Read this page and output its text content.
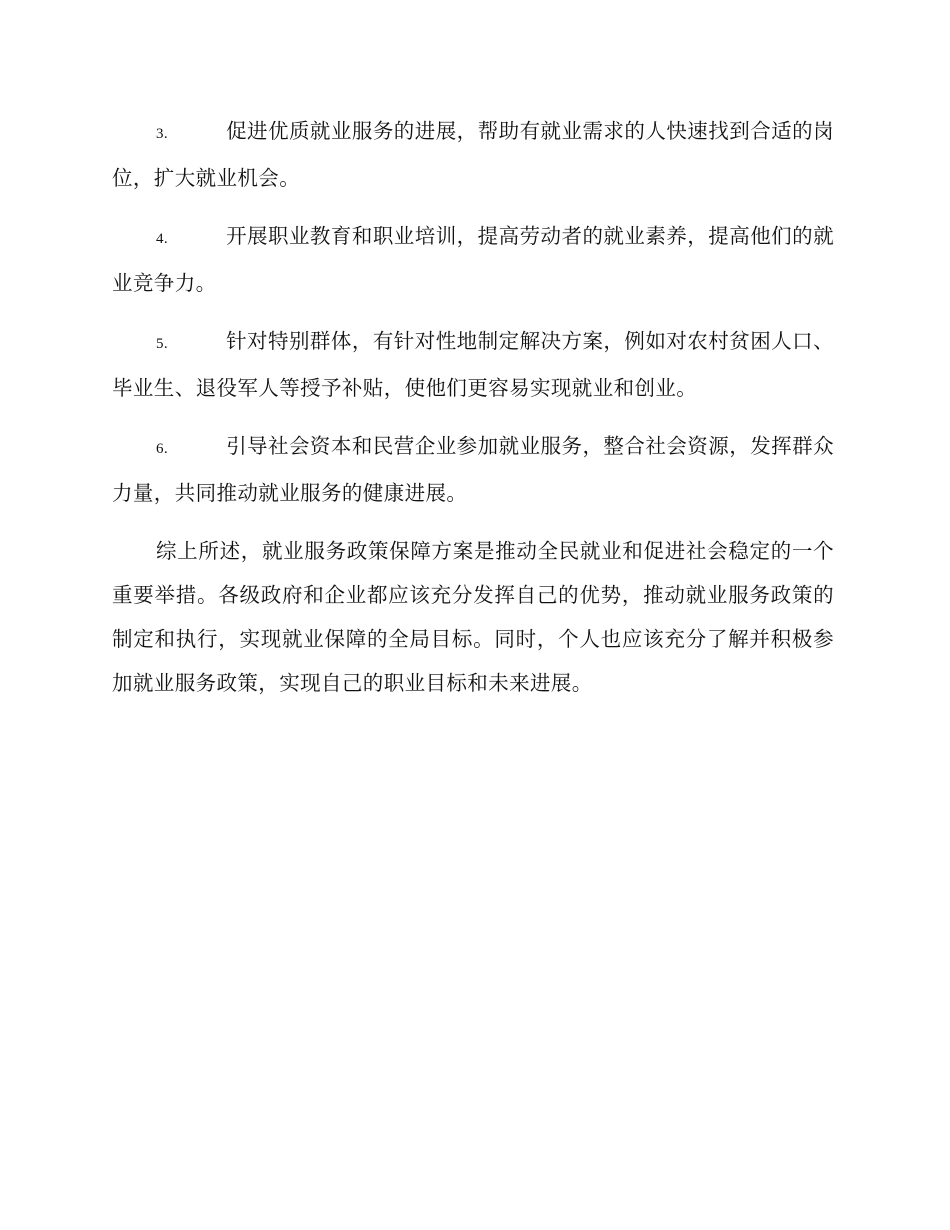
3.	促进优质就业服务的进展，帮助有就业需求的人快速找到合适的岗位，扩大就业机会。

4.	开展职业教育和职业培训，提高劳动者的就业素养，提高他们的就业竞争力。

5.	针对特别群体，有针对性地制定解决方案，例如对农村贫困人口、毕业生、退役军人等授予补贴，使他们更容易实现就业和创业。

6.	引导社会资本和民营企业参加就业服务，整合社会资源，发挥群众力量，共同推动就业服务的健康进展。

综上所述，就业服务政策保障方案是推动全民就业和促进社会稳定的一个重要举措。各级政府和企业都应该充分发挥自己的优势，推动就业服务政策的制定和执行，实现就业保障的全局目标。同时，个人也应该充分了解并积极参加就业服务政策，实现自己的职业目标和未来进展。
